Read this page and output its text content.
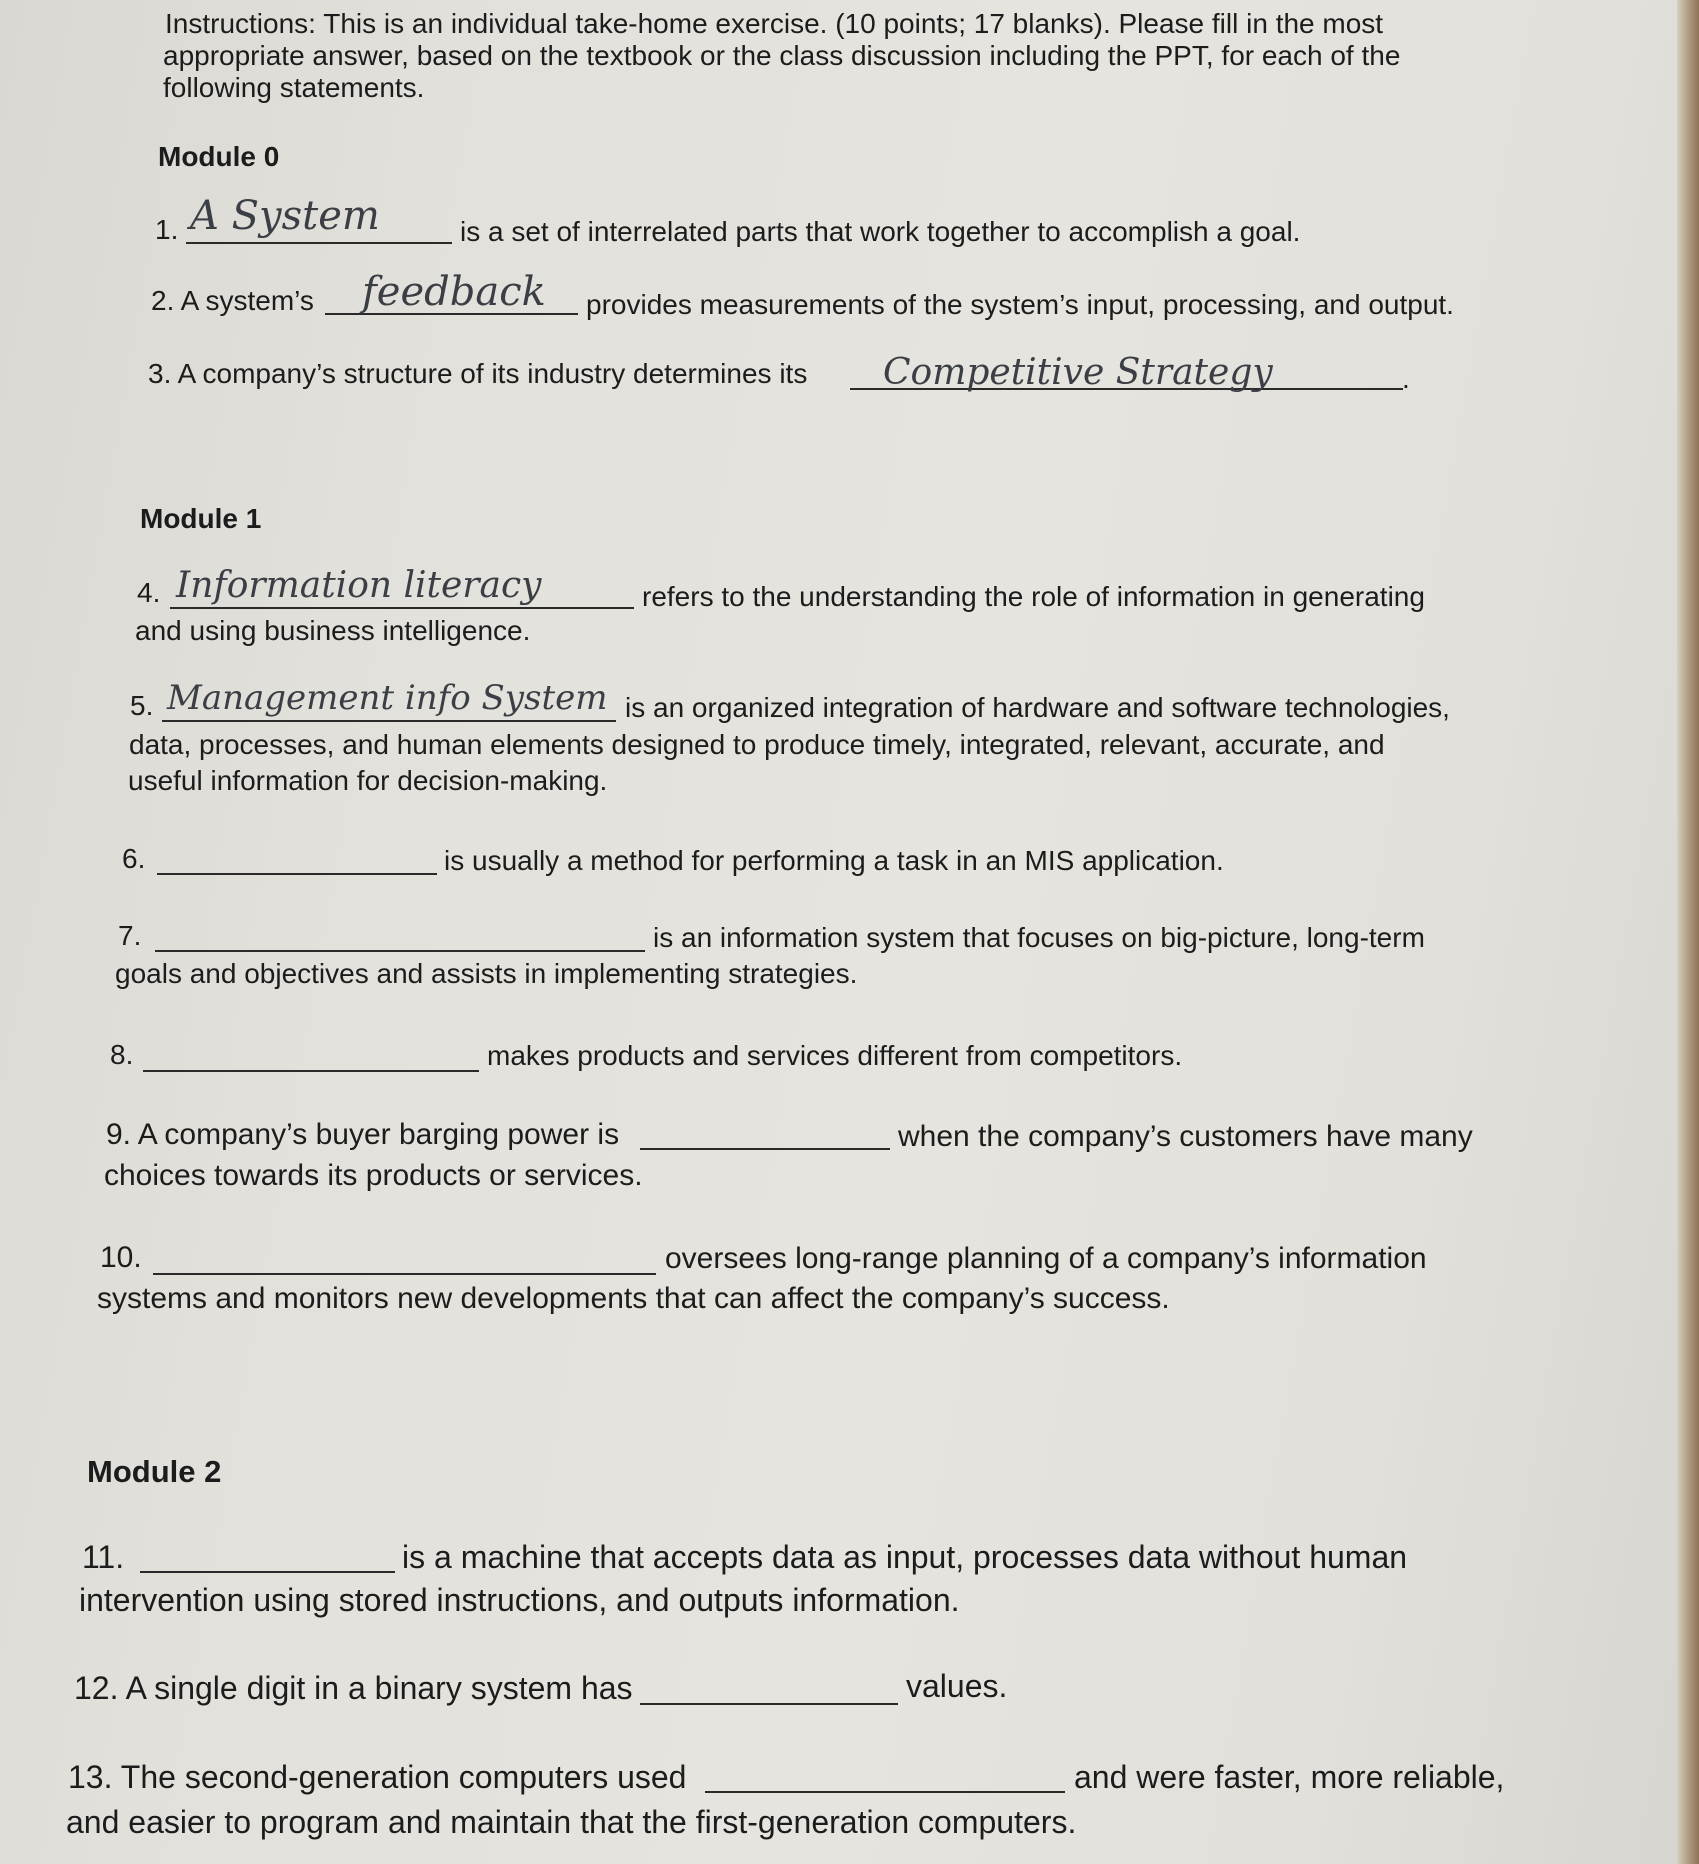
Instructions: This is an individual take-home exercise. (10 points; 17 blanks). Please fill in the most
appropriate answer, based on the textbook or the class discussion including the PPT, for each of the
following statements.
Module 0
1. A System	is a set of interrelated parts that work together to accomplish a goal.
2. A system’s feedback provides measurements of the system’s input, processing, and output.
3. A company’s structure of its industry determines its Competitive Strategy	.
Module 1
4. Information literacy	refers to the understanding the role of information in generating
and using business intelligence.
5. Management info System is an organized integration of hardware and software technologies,
data, processes, and human elements designed to produce timely, integrated, relevant, accurate, and
useful information for decision-making.
6.	is usually a method for performing a task in an MIS application.
7.	is an information system that focuses on big-picture, long-term
goals and objectives and assists in implementing strategies.
8.	makes products and services different from competitors.
9. A company’s buyer barging power is	when the company’s customers have many
choices towards its products or services.
10.	oversees long-range planning of a company’s information
systems and monitors new developments that can affect the company’s success.
Module 2
11.	is a machine that accepts data as input, processes data without human
intervention using stored instructions, and outputs information.
12. A single digit in a binary system has	values.
13. The second-generation computers used	and were faster, more reliable,
and easier to program and maintain that the first-generation computers.
